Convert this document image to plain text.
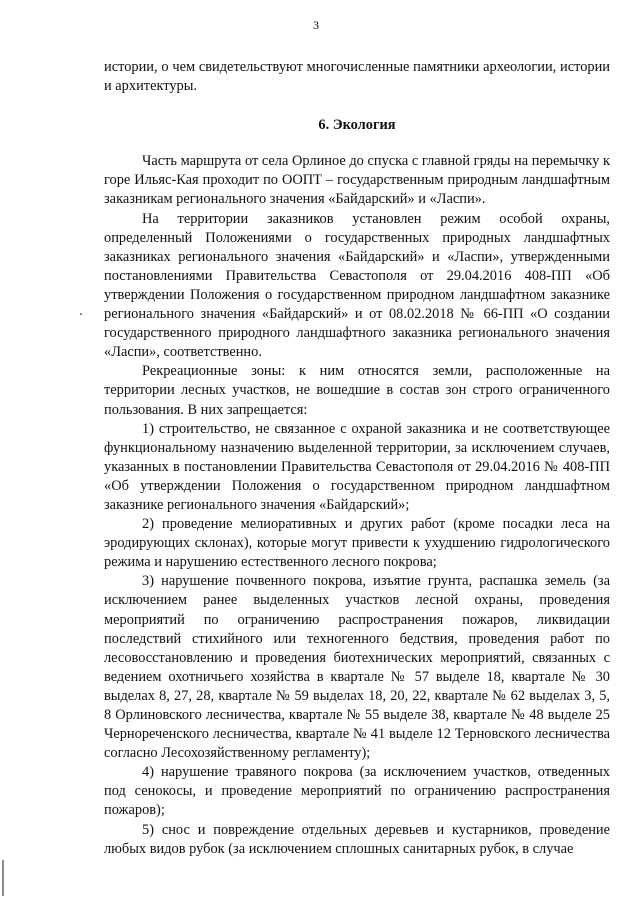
3

истории, о чем свидетельствуют многочисленные памятники археологии, истории и архитектуры.

6. Экология

Часть маршрута от села Орлиное до спуска с главной гряды на перемычку к горе Ильяс-Кая проходит по ООПТ – государственным природным ландшафтным заказникам регионального значения «Байдарский» и «Ласпи».

На территории заказников установлен режим особой охраны, определенный Положениями о государственных природных ландшафтных заказниках регионального значения «Байдарский» и «Ласпи», утвержденными постановлениями Правительства Севастополя от 29.04.2016 408-ПП «Об утверждении Положения о государственном природном ландшафтном заказнике регионального значения «Байдарский» и от 08.02.2018 № 66-ПП «О создании государственного природного ландшафтного заказника регионального значения «Ласпи», соответственно.

Рекреационные зоны: к ним относятся земли, расположенные на территории лесных участков, не вошедшие в состав зон строго ограниченного пользования. В них запрещается:

1) строительство, не связанное с охраной заказника и не соответствующее функциональному назначению выделенной территории, за исключением случаев, указанных в постановлении Правительства Севастополя от 29.04.2016 № 408-ПП «Об утверждении Положения о государственном природном ландшафтном заказнике регионального значения «Байдарский»;

2) проведение мелиоративных и других работ (кроме посадки леса на эродирующих склонах), которые могут привести к ухудшению гидрологического режима и нарушению естественного лесного покрова;

3) нарушение почвенного покрова, изъятие грунта, распашка земель (за исключением ранее выделенных участков лесной охраны, проведения мероприятий по ограничению распространения пожаров, ликвидации последствий стихийного или техногенного бедствия, проведения работ по лесовосстановлению и проведения биотехнических мероприятий, связанных с ведением охотничьего хозяйства в квартале № 57 выделе 18, квартале № 30 выделах 8, 27, 28, квартале № 59 выделах 18, 20, 22, квартале № 62 выделах 3, 5, 8 Орлиновского лесничества, квартале № 55 выделе 38, квартале № 48 выделе 25 Чернореченского лесничества, квартале № 41 выделе 12 Терновского лесничества согласно Лесохозяйственному регламенту);

4) нарушение травяного покрова (за исключением участков, отведенных под сенокосы, и проведение мероприятий по ограничению распространения пожаров);

5) снос и повреждение отдельных деревьев и кустарников, проведение любых видов рубок (за исключением сплошных санитарных рубок, в случае
